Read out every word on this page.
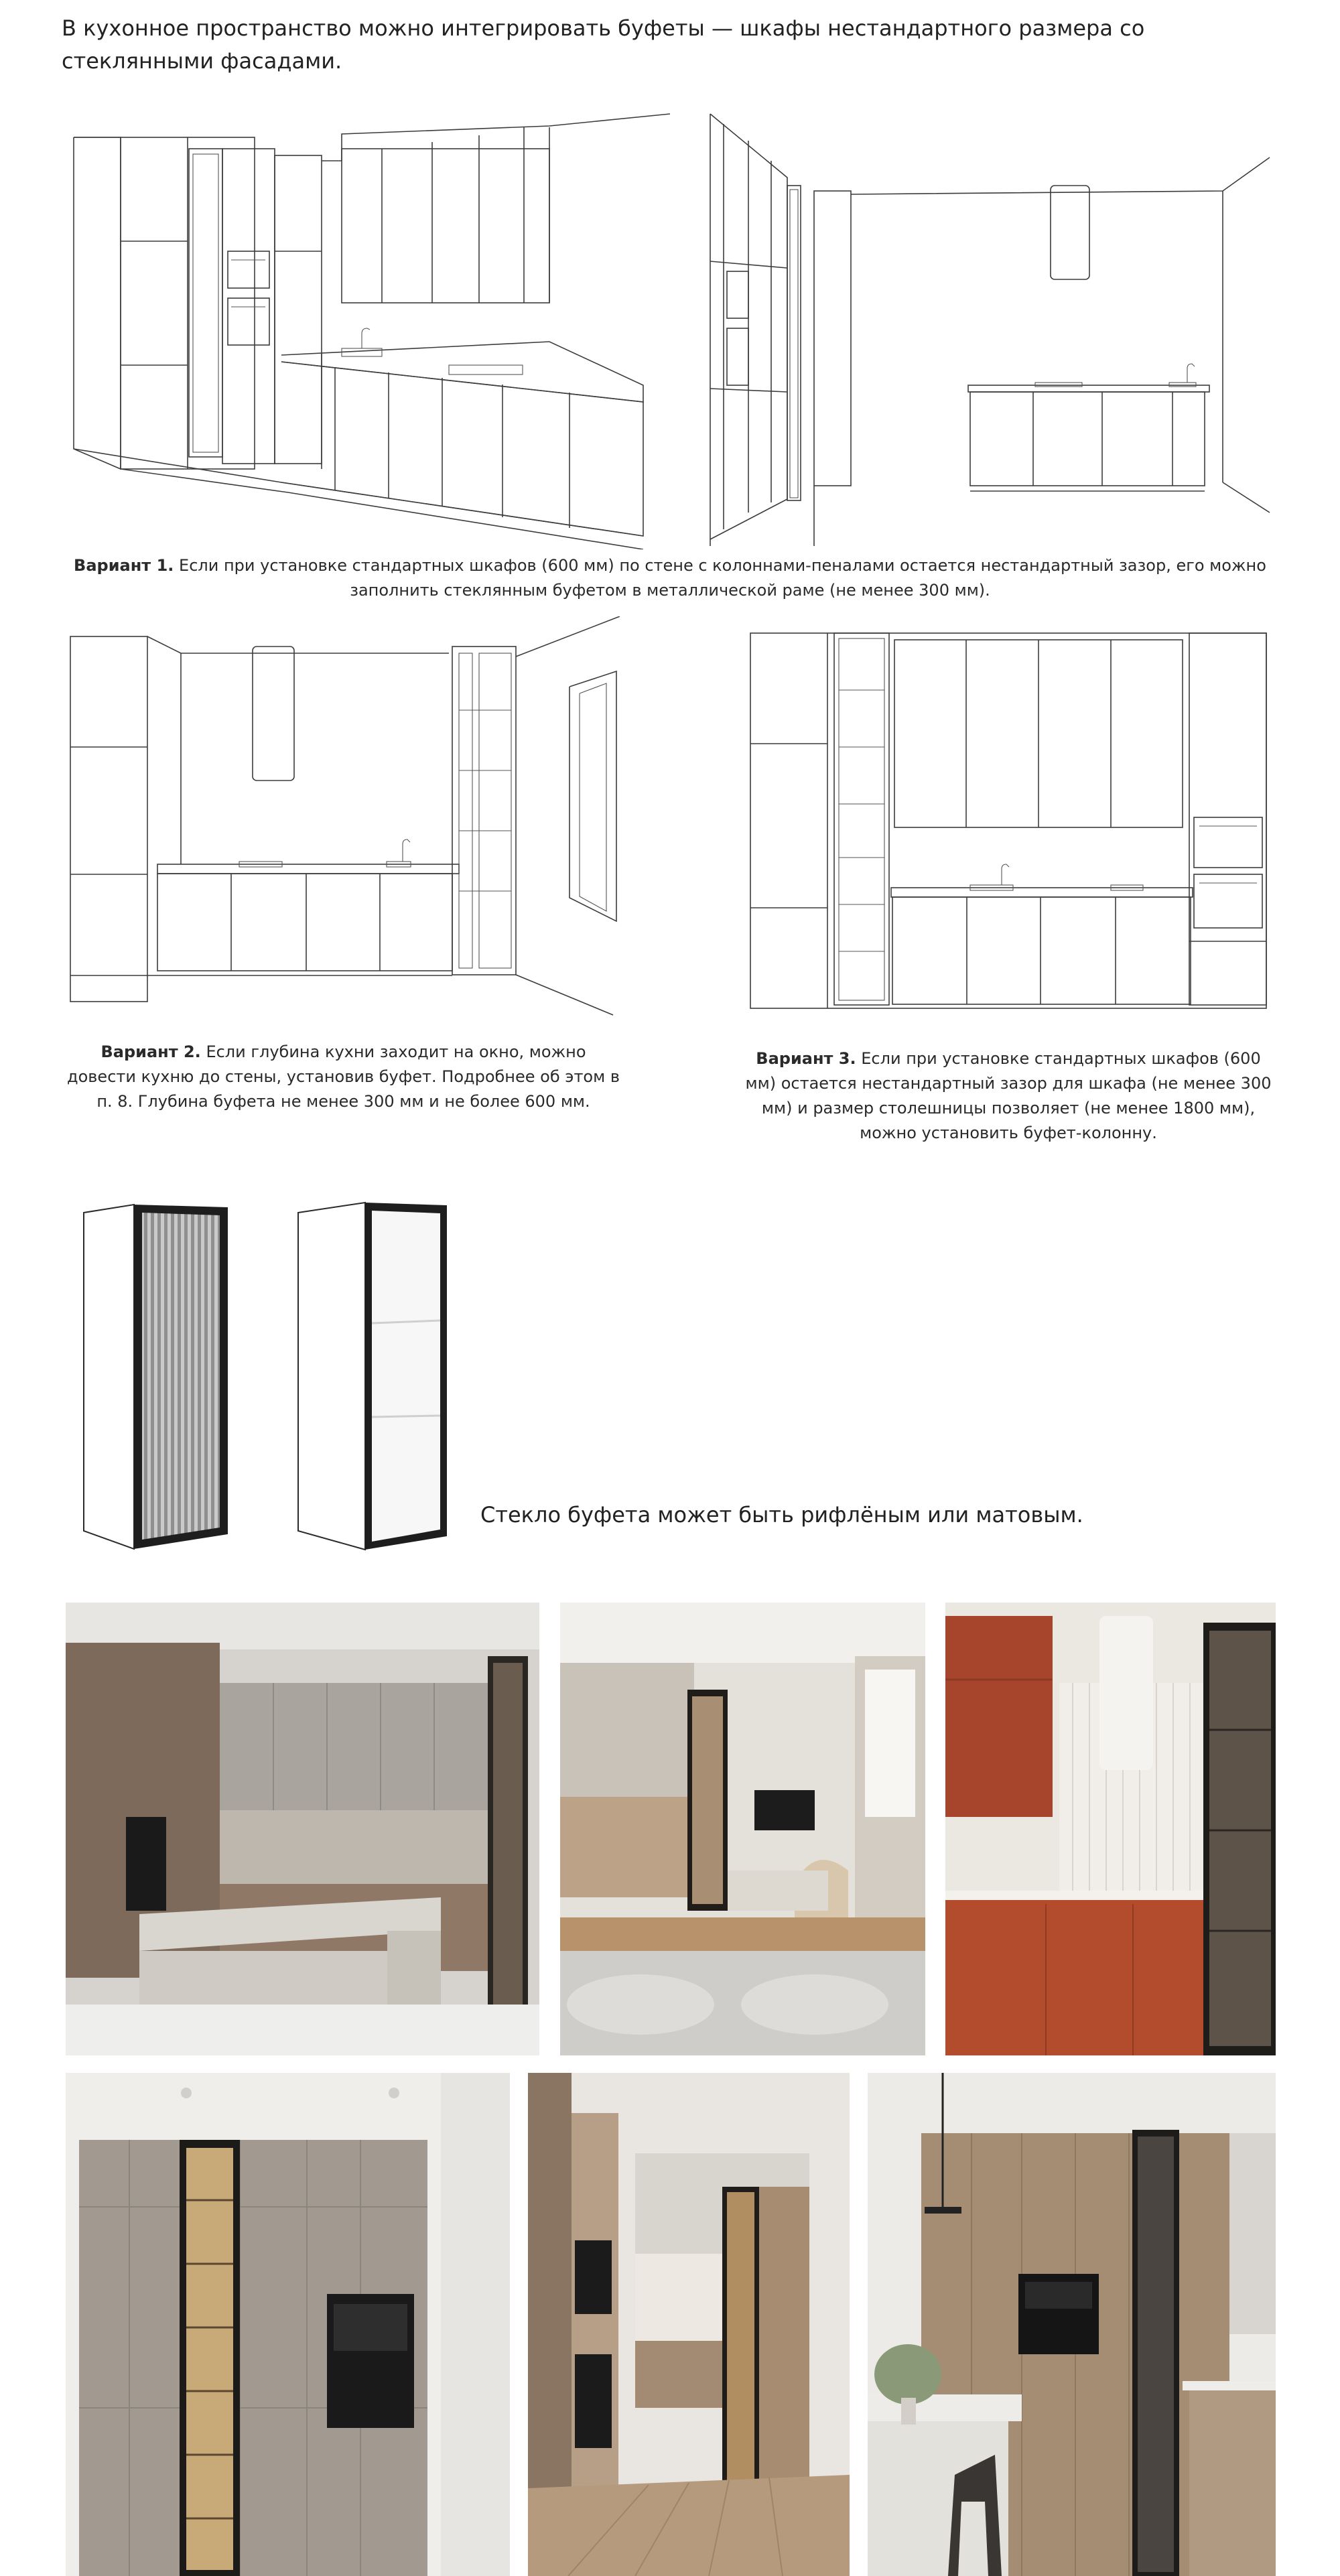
В кухонное пространство можно интегрировать буфеты — шкафы нестандартного размера со стеклянными фасадами.
Вариант 1. Если при установке стандартных шкафов (600 мм) по стене с колоннами-пеналами остается нестандартный зазор, его можно заполнить стеклянным буфетом в металлической раме (не менее 300 мм).
Вариант 2. Если глубина кухни заходит на окно, можно довести кухню до стены, установив буфет. Подробнее об этом в п. 8. Глубина буфета не менее 300 мм и не более 600 мм.
Вариант 3. Если при установке стандартных шкафов (600 мм) остается нестандартный зазор для шкафа (не менее 300 мм) и размер столешницы позволяет (не менее 1800 мм), можно установить буфет-колонну.
Стекло буфета может быть рифлёным или матовым.
